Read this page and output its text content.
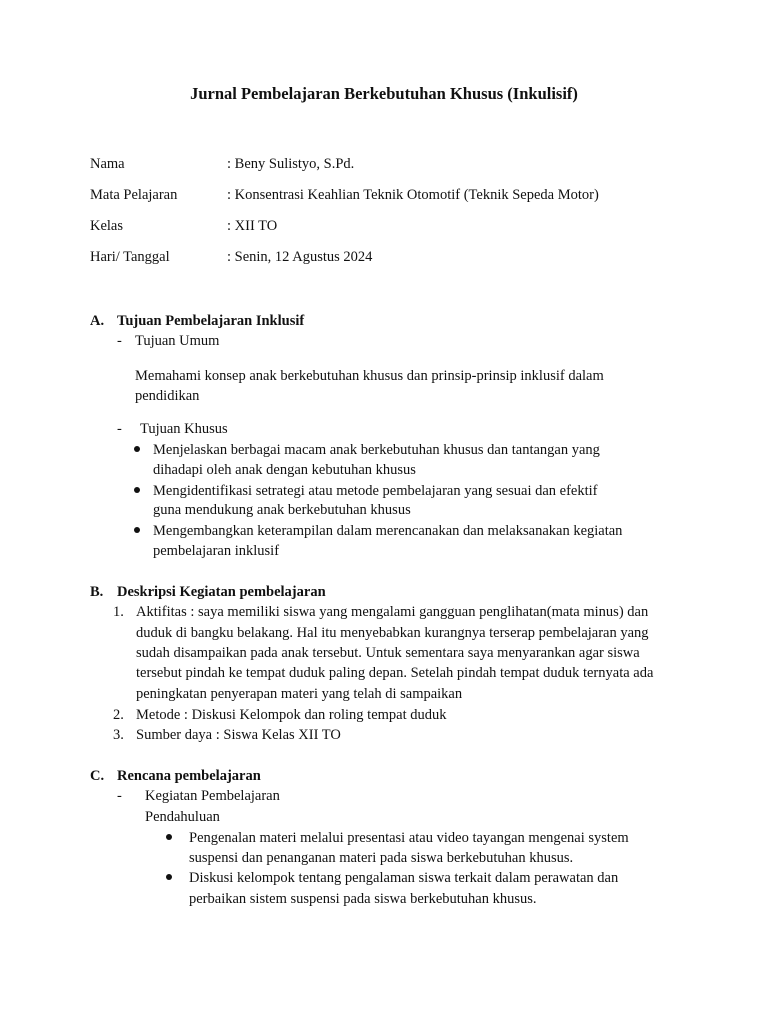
Jurnal Pembelajaran Berkebutuhan Khusus (Inkulisif)
Nama	: Beny Sulistyo, S.Pd.
Mata Pelajaran	: Konsentrasi Keahlian Teknik Otomotif (Teknik Sepeda Motor)
Kelas	: XII TO
Hari/ Tanggal	: Senin, 12 Agustus 2024
A. Tujuan Pembelajaran Inklusif
- Tujuan Umum
Memahami konsep anak berkebutuhan khusus dan prinsip-prinsip inklusif dalam
pendidikan
- Tujuan Khusus
Menjelaskan berbagai macam anak berkebutuhan khusus dan tantangan yang
dihadapi oleh anak dengan kebutuhan khusus
Mengidentifikasi setrategi atau metode pembelajaran yang sesuai dan efektif
guna mendukung anak berkebutuhan khusus
Mengembangkan keterampilan dalam merencanakan dan melaksanakan kegiatan
pembelajaran inklusif
B. Deskripsi Kegiatan pembelajaran
1. Aktifitas : saya memiliki siswa yang mengalami gangguan penglihatan(mata minus) dan
duduk di bangku belakang. Hal itu menyebabkan kurangnya terserap pembelajaran yang
sudah disampaikan pada anak tersebut. Untuk sementara saya menyarankan agar siswa
tersebut pindah ke tempat duduk paling depan. Setelah pindah tempat duduk ternyata ada
peningkatan penyerapan materi yang telah di sampaikan
2. Metode : Diskusi Kelompok dan roling tempat duduk
3. Sumber daya : Siswa Kelas XII TO
C. Rencana pembelajaran
- Kegiatan Pembelajaran
Pendahuluan
Pengenalan materi melalui presentasi atau video tayangan mengenai system
suspensi dan penanganan materi pada siswa berkebutuhan khusus.
Diskusi kelompok tentang pengalaman siswa terkait dalam perawatan dan
perbaikan sistem suspensi pada siswa berkebutuhan khusus.
